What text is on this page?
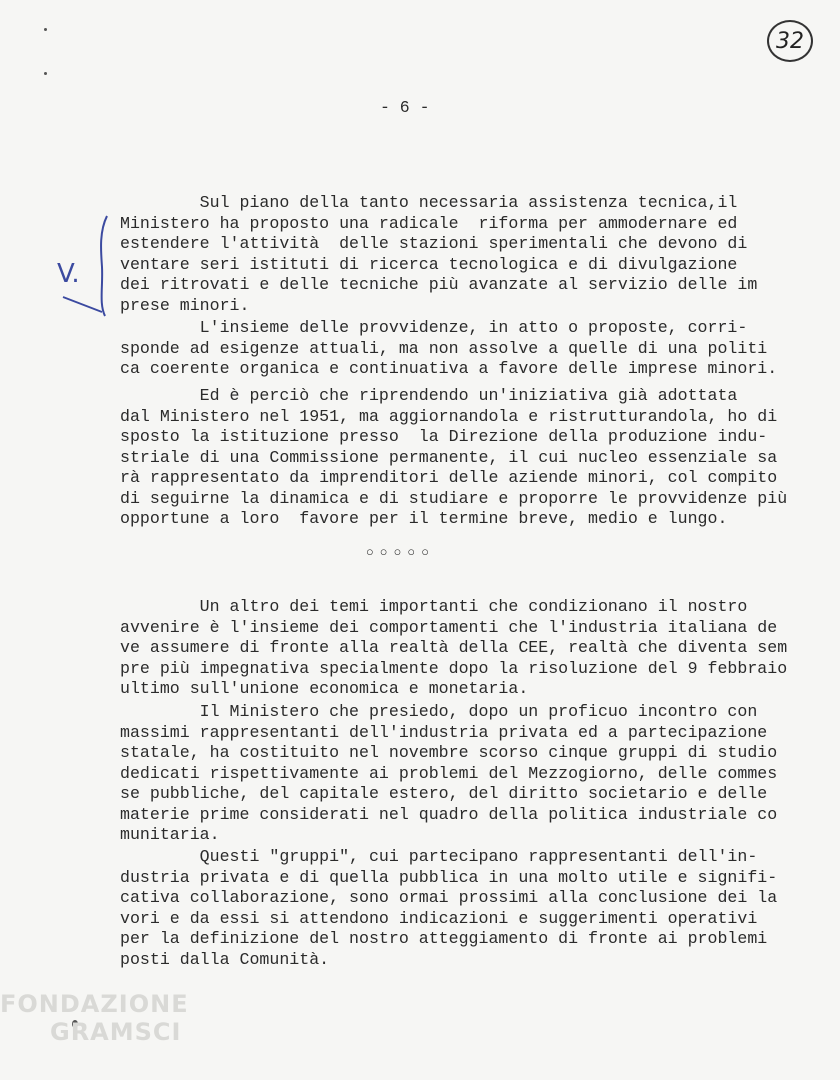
32
- 6 -
V.
Sul piano della tanto necessaria assistenza tecnica,il
Ministero ha proposto una radicale  riforma per ammodernare ed
estendere l'attività  delle stazioni sperimentali che devono di
ventare seri istituti di ricerca tecnologica e di divulgazione
dei ritrovati e delle tecniche più avanzate al servizio delle im
prese minori.
L'insieme delle provvidenze, in atto o proposte, corri-
sponde ad esigenze attuali, ma non assolve a quelle di una politi
ca coerente organica e continuativa a favore delle imprese minori.
Ed è perciò che riprendendo un'iniziativa già adottata
dal Ministero nel 1951, ma aggiornandola e ristrutturandola, ho di
sposto la istituzione presso  la Direzione della produzione indu-
striale di una Commissione permanente, il cui nucleo essenziale sa
rà rappresentato da imprenditori delle aziende minori, col compito
di seguirne la dinamica e di studiare e proporre le provvidenze più
opportune a loro  favore per il termine breve, medio e lungo.
Un altro dei temi importanti che condizionano il nostro
avvenire è l'insieme dei comportamenti che l'industria italiana de
ve assumere di fronte alla realtà della CEE, realtà che diventa sem
pre più impegnativa specialmente dopo la risoluzione del 9 febbraio
ultimo sull'unione economica e monetaria.
Il Ministero che presiedo, dopo un proficuo incontro con
massimi rappresentanti dell'industria privata ed a partecipazione
statale, ha costituito nel novembre scorso cinque gruppi di studio
dedicati rispettivamente ai problemi del Mezzogiorno, delle commes
se pubbliche, del capitale estero, del diritto societario e delle
materie prime considerati nel quadro della politica industriale co
munitaria.
Questi "gruppi", cui partecipano rappresentanti dell'in-
dustria privata e di quella pubblica in una molto utile e signifi-
cativa collaborazione, sono ormai prossimi alla conclusione dei la
vori e da essi si attendono indicazioni e suggerimenti operativi
per la definizione del nostro atteggiamento di fronte ai problemi
posti dalla Comunità.
○○○○○
FONDAZIONE
GRAMSCI
